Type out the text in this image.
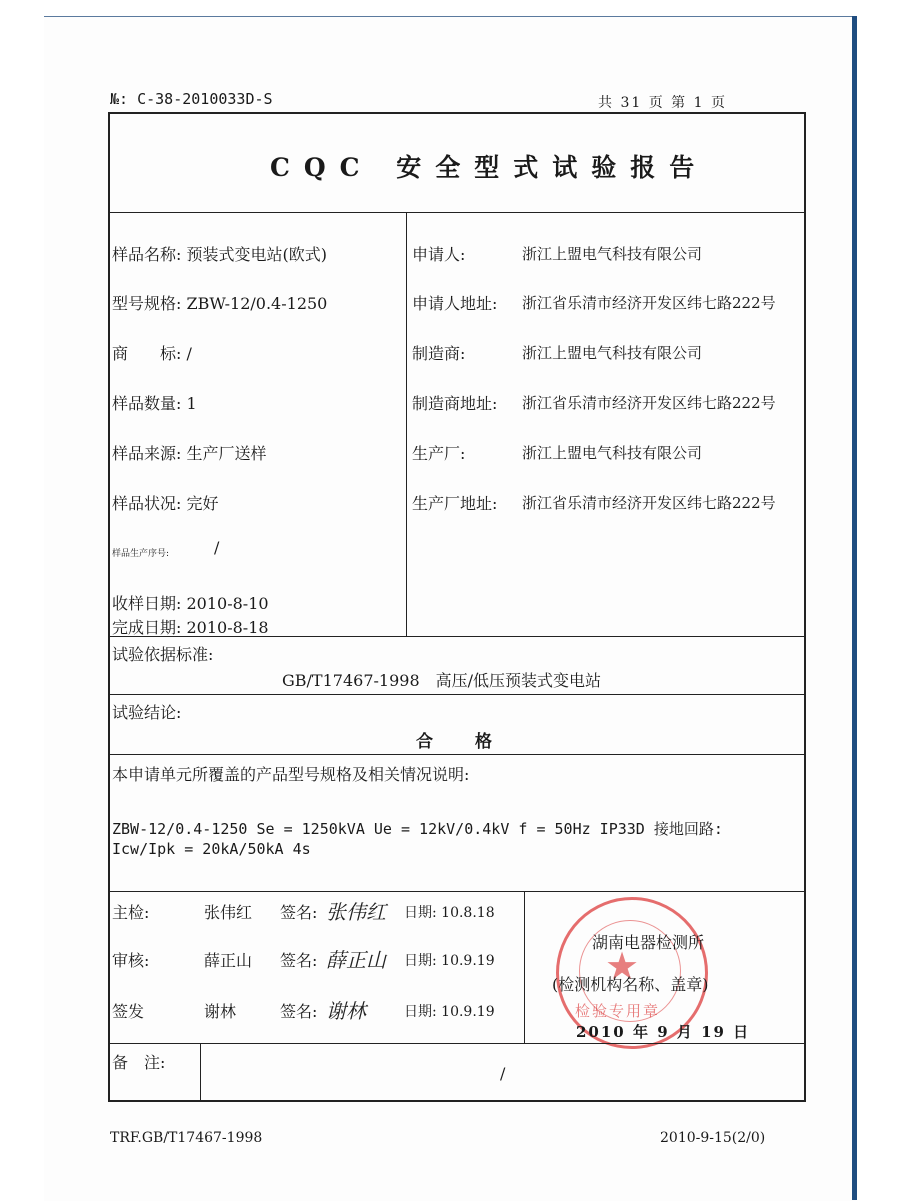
№: C-38-2010033D-S	共 31 页 第 1 页
CQC 安全型式试验报告
样品名称: 预装式变电站(欧式)
型号规格: ZBW-12/0.4-1250
商　　标: /
样品数量: 1
样品来源: 生产厂送样
样品状况: 完好
样品生产序号:	/
收样日期: 2010-8-10
完成日期: 2010-8-18
申请人:	浙江上盟电气科技有限公司
申请人地址: 浙江省乐清市经济开发区纬七路222号
制造商:	浙江上盟电气科技有限公司
制造商地址: 浙江省乐清市经济开发区纬七路222号
生产厂:	浙江上盟电气科技有限公司
生产厂地址: 浙江省乐清市经济开发区纬七路222号
试验依据标准:
GB/T17467-1998　高压/低压预装式变电站
试验结论:
合格
本申请单元所覆盖的产品型号规格及相关情况说明:
ZBW-12/0.4-1250 Se = 1250kVA Ue = 12kV/0.4kV f = 50Hz IP33D 接地回路:
Icw/Ipk = 20kA/50kA 4s
主检:	张伟红 签名: 张伟红 日期: 10.8.18
审核:	薛正山 签名: 薛正山 日期: 10.9.19
签发	谢林	签名: 谢林	日期: 10.9.19
★
检验专用章
湖南电器检测所
(检测机构名称、盖章)
2010 年 9 月 19 日
备　注:
/
TRF.GB/T17467-1998	2010-9-15(2/0)
